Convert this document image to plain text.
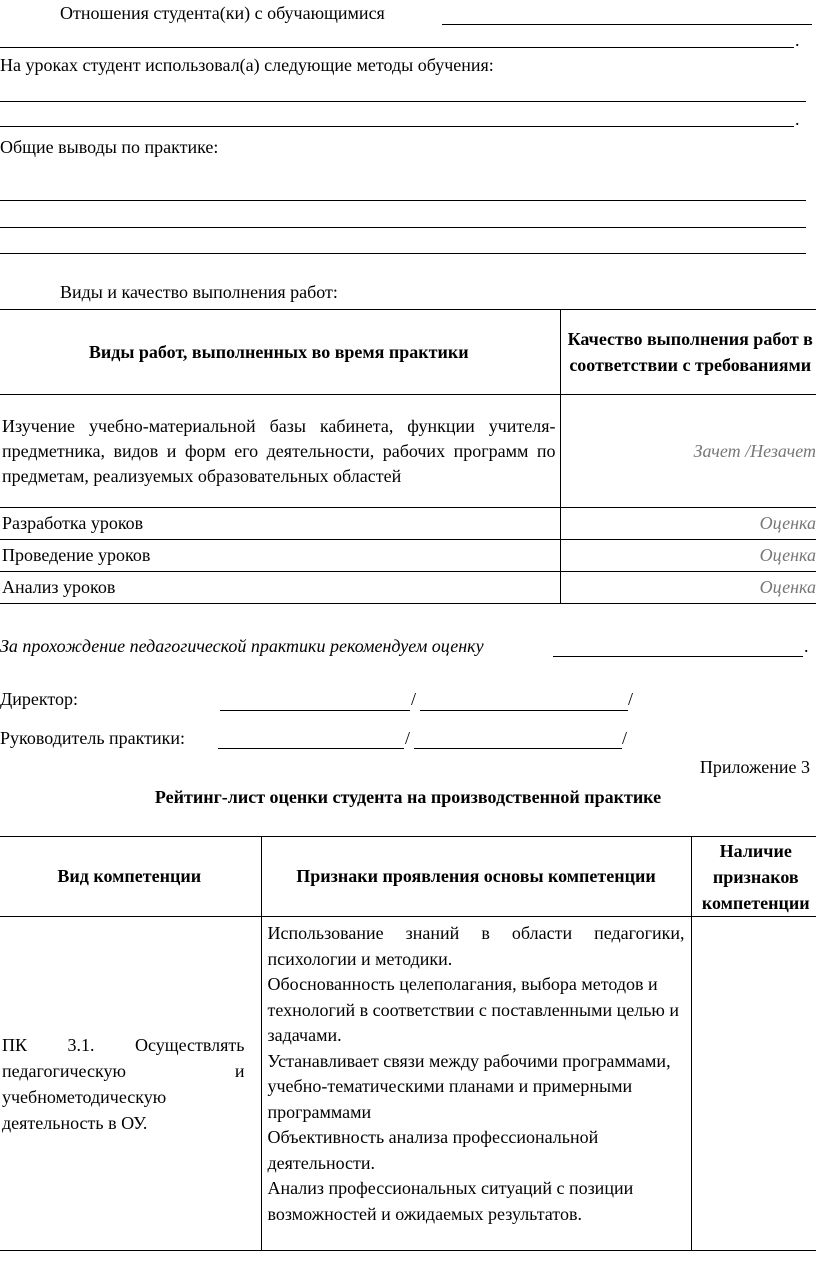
Отношения студента(ки) с обучающимися
.
На уроках студент использовал(а) следующие методы обучения:
.
Общие выводы по практике:
Виды и качество выполнения работ:
Виды работ, выполненных во время практики	Качество выполнения работ в соответствии с требованиями
Изучение учебно-материальной базы кабинета, функции учителя-предметника, видов и форм его деятельности, рабочих программ по предметам, реализуемых образовательных областей	Зачет /Незачет
Разработка уроков	Оценка
Проведение уроков	Оценка
Анализ уроков	Оценка
За прохождение педагогической практики рекомендуем оценку	.
Директор:	/	/
Руководитель практики:	/	/
Приложение 3
Рейтинг-лист оценки студента на производственной практике
Вид компетенции	Признаки проявления основы компетенции	Наличие признаков компетенции
ПК 3.1. Осуществлять педагогическую и учебнометодическую деятельность в ОУ.	Использование знаний в области педагогики, психологии и методики.
Обоснованность целеполагания, выбора методов и технологий в соответствии с поставленными целью и задачами.
Устанавливает связи между рабочими программами, учебно-тематическими планами и примерными программами
Объективность анализа профессиональной деятельности.
Анализ профессиональных ситуаций с позиции возможностей и ожидаемых результатов.	
